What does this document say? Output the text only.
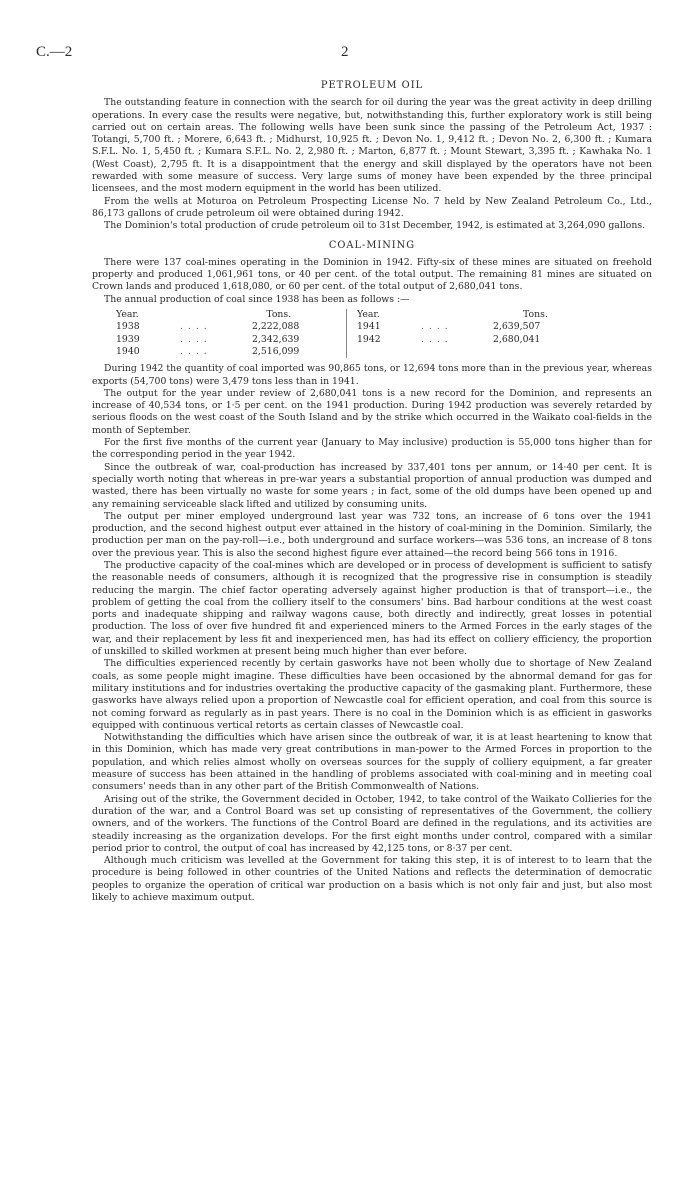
C.—2	2
PETROLEUM OIL

The outstanding feature in connection with the search for oil during the year was the great activity in deep drilling operations. In every case the results were negative, but, notwithstanding this, further exploratory work is still being carried out on certain areas. The following wells have been sunk since the passing of the Petroleum Act, 1937 : Totangi, 5,700 ft. ; Morere, 6,643 ft. ; Midhurst, 10,925 ft. ; Devon No. 1, 9,412 ft. ; Devon No. 2, 6,300 ft. ; Kumara S.F.L. No. 1, 5,450 ft. ; Kumara S.F.L. No. 2, 2,980 ft. ; Marton, 6,877 ft. ; Mount Stewart, 3,395 ft. ; Kawhaka No. 1 (West Coast), 2,795 ft. It is a disappointment that the energy and skill displayed by the operators have not been rewarded with some measure of success. Very large sums of money have been expended by the three principal licensees, and the most modern equipment in the world has been utilized.

From the wells at Moturoa on Petroleum Prospecting License No. 7 held by New Zealand Petroleum Co., Ltd., 86,173 gallons of crude petroleum oil were obtained during 1942.

The Dominion's total production of crude petroleum oil to 31st December, 1942, is estimated at 3,264,090 gallons.

COAL-MINING

There were 137 coal-mines operating in the Dominion in 1942. Fifty-six of these mines are situated on freehold property and produced 1,061,961 tons, or 40 per cent. of the total output. The remaining 81 mines are situated on Crown lands and produced 1,618,080, or 60 per cent. of the total output of 2,680,041 tons.

The annual production of coal since 1938 has been as follows :—

Year.	Tons.
1938	. . . .	2,222,088
1939	. . . .	2,342,639
1940	. . . .	2,516,099
Year.	Tons.
1941	. . . .	2,639,507
1942	. . . .	2,680,041

During 1942 the quantity of coal imported was 90,865 tons, or 12,694 tons more than in the previous year, whereas exports (54,700 tons) were 3,479 tons less than in 1941.

The output for the year under review of 2,680,041 tons is a new record for the Dominion, and represents an increase of 40,534 tons, or 1·5 per cent. on the 1941 production. During 1942 production was severely retarded by serious floods on the west coast of the South Island and by the strike which occurred in the Waikato coal-fields in the month of September.

For the first five months of the current year (January to May inclusive) production is 55,000 tons higher than for the corresponding period in the year 1942.

Since the outbreak of war, coal-production has increased by 337,401 tons per annum, or 14·40 per cent. It is specially worth noting that whereas in pre-war years a substantial proportion of annual production was dumped and wasted, there has been virtually no waste for some years ; in fact, some of the old dumps have been opened up and any remaining serviceable slack lifted and utilized by consuming units.

The output per miner employed underground last year was 732 tons, an increase of 6 tons over the 1941 production, and the second highest output ever attained in the history of coal-mining in the Dominion. Similarly, the production per man on the pay-roll—i.e., both underground and surface workers—was 536 tons, an increase of 8 tons over the previous year. This is also the second highest figure ever attained—the record being 566 tons in 1916.

The productive capacity of the coal-mines which are developed or in process of development is sufficient to satisfy the reasonable needs of consumers, although it is recognized that the progressive rise in consumption is steadily reducing the margin. The chief factor operating adversely against higher production is that of transport—i.e., the problem of getting the coal from the colliery itself to the consumers' bins. Bad harbour conditions at the west coast ports and inadequate shipping and railway wagons cause, both directly and indirectly, great losses in potential production. The loss of over five hundred fit and experienced miners to the Armed Forces in the early stages of the war, and their replacement by less fit and inexperienced men, has had its effect on colliery efficiency, the proportion of unskilled to skilled workmen at present being much higher than ever before.

The difficulties experienced recently by certain gasworks have not been wholly due to shortage of New Zealand coals, as some people might imagine. These difficulties have been occasioned by the abnormal demand for gas for military institutions and for industries overtaking the productive capacity of the gasmaking plant. Furthermore, these gasworks have always relied upon a proportion of Newcastle coal for efficient operation, and coal from this source is not coming forward as regularly as in past years. There is no coal in the Dominion which is as efficient in gasworks equipped with continuous vertical retorts as certain classes of Newcastle coal.

Notwithstanding the difficulties which have arisen since the outbreak of war, it is at least heartening to know that in this Dominion, which has made very great contributions in man-power to the Armed Forces in proportion to the population, and which relies almost wholly on overseas sources for the supply of colliery equipment, a far greater measure of success has been attained in the handling of problems associated with coal-mining and in meeting coal consumers' needs than in any other part of the British Commonwealth of Nations.

Arising out of the strike, the Government decided in October, 1942, to take control of the Waikato Collieries for the duration of the war, and a Control Board was set up consisting of representatives of the Government, the colliery owners, and of the workers. The functions of the Control Board are defined in the regulations, and its activities are steadily increasing as the organization develops. For the first eight months under control, compared with a similar period prior to control, the output of coal has increased by 42,125 tons, or 8·37 per cent.

Although much criticism was levelled at the Government for taking this step, it is of interest to to learn that the procedure is being followed in other countries of the United Nations and reflects the determination of democratic peoples to organize the operation of critical war production on a basis which is not only fair and just, but also most likely to achieve maximum output.
